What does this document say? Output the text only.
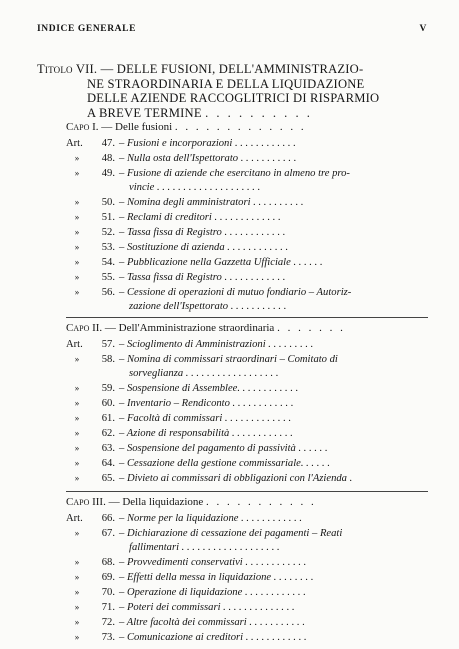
INDICE GENERALE	V
Titolo VII. — DELLE FUSIONI, DELL'AMMINISTRAZIO-
NE STRAORDINARIA E DELLA LIQUIDAZIONE
DELLE AZIENDE RACCOGLITRICI DI RISPARMIO
A BREVE TERMINE . . . . . . . . . .
Capo I. — Delle fusioni . . . . . . . . . . . . .
Art. 47. – Fusioni e incorporazioni . . . . . . . . . . . .
» 48. – Nulla osta dell'Ispettorato . . . . . . . . . . .
» 49. – Fusione di aziende che esercitano in almeno tre pro-
vincie . . . . . . . . . . . . . . . . . . . .
» 50. – Nomina degli amministratori . . . . . . . . . .
» 51. – Reclami di creditori . . . . . . . . . . . . .
» 52. – Tassa fissa di Registro . . . . . . . . . . . .
» 53. – Sostituzione di azienda . . . . . . . . . . . .
» 54. – Pubblicazione nella Gazzetta Ufficiale . . . . . .
» 55. – Tassa fissa di Registro . . . . . . . . . . . .
» 56. – Cessione di operazioni di mutuo fondiario – Autoriz-
zazione dell'Ispettorato . . . . . . . . . . .
Capo II. — Dell'Amministrazione straordinaria . . . . . . .
Art. 57. – Scioglimento di Amministrazioni . . . . . . . . .
» 58. – Nomina di commissari straordinari – Comitato di
sorveglianza . . . . . . . . . . . . . . . . . .
» 59. – Sospensione di Assemblee. . . . . . . . . . . .
» 60. – Inventario – Rendiconto . . . . . . . . . . . .
» 61. – Facoltà di commissari . . . . . . . . . . . . .
» 62. – Azione di responsabilità . . . . . . . . . . . .
» 63. – Sospensione del pagamento di passività . . . . . .
» 64. – Cessazione della gestione commissariale. . . . . .
» 65. – Divieto ai commissari di obbligazioni con l'Azienda .
Capo III. — Della liquidazione . . . . . . . . . . .
Art. 66. – Norme per la liquidazione . . . . . . . . . . . .
» 67. – Dichiarazione di cessazione dei pagamenti – Reati
fallimentari . . . . . . . . . . . . . . . . . . .
» 68. – Provvedimenti conservativi . . . . . . . . . . . .
» 69. – Effetti della messa in liquidazione . . . . . . . .
» 70. – Operazione di liquidazione . . . . . . . . . . . .
» 71. – Poteri dei commissari . . . . . . . . . . . . . .
» 72. – Altre facoltà dei commissari . . . . . . . . . . .
» 73. – Comunicazione ai creditori . . . . . . . . . . . .
